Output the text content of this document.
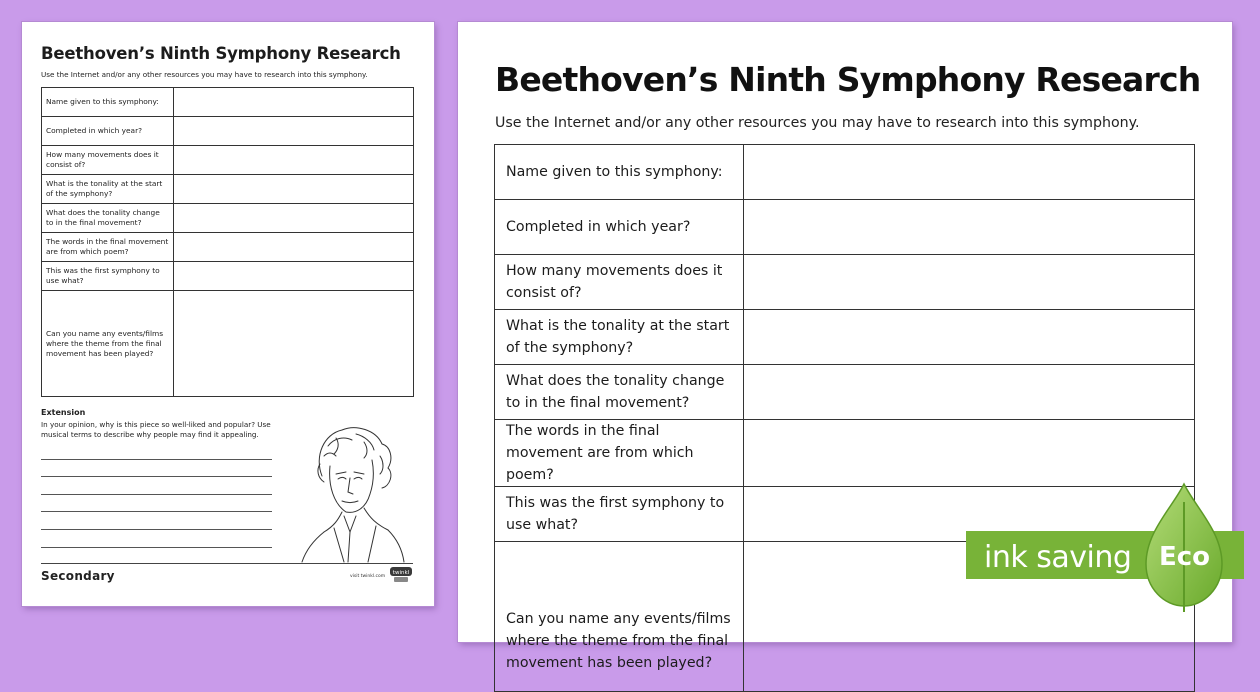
Beethoven’s Ninth Symphony Research
Use the Internet and/or any other resources you may have to research into this symphony.
Name given to this symphony:	
Completed in which year?	
How many movements does it consist of?	
What is the tonality at the start of the symphony?	
What does the tonality change to in the final movement?	
The words in the final movement are from which poem?	
This was the first symphony to use what?	
Can you name any events/films where the theme from the final movement has been played?	
Extension
In your opinion, why is this piece so well-liked and popular? Use musical terms to describe why people may find it appealing.
Secondary	visit twinkl.com
twinkl
Beethoven’s Ninth Symphony Research
Use the Internet and/or any other resources you may have to research into this symphony.
Name given to this symphony:	
Completed in which year?	
How many movements does it consist of?	
What is the tonality at the start of the symphony?	
What does the tonality change to in the final movement?	
The words in the final movement are from which poem?	
This was the first symphony to use what?	
Can you name any events/films where the theme from the final movement has been played?	
ink saving Eco
